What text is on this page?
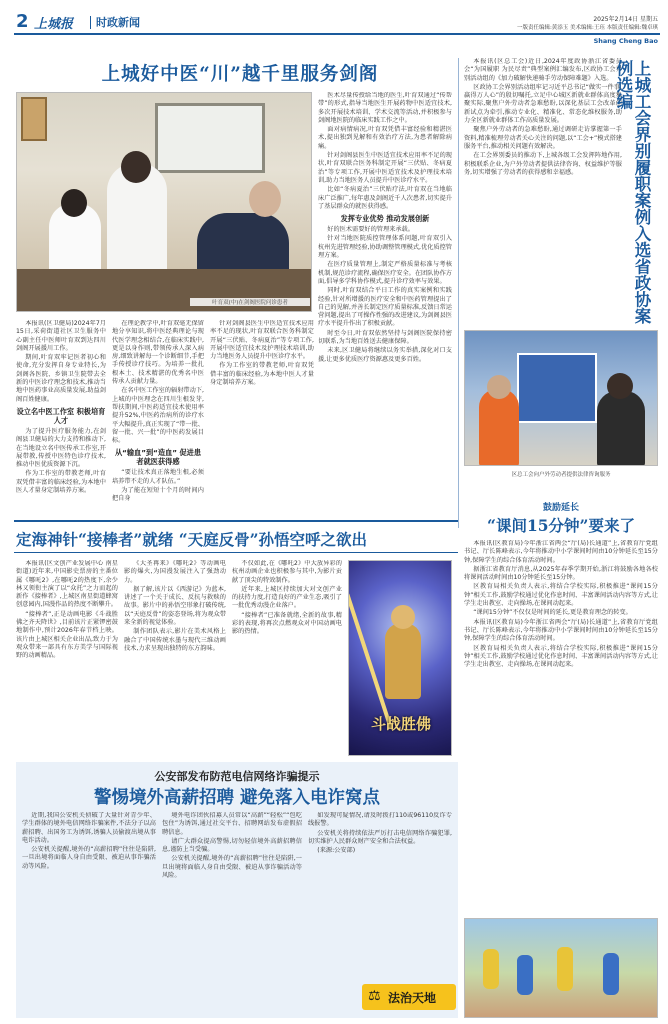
2 上城报 时政新闻	2025年2月14日 星期五
一版责任编辑:黄添玉 美术编辑:王珏 本版责任编辑:魏卓琪
Shang Cheng Bao
上城好中医“川”越千里服务剑阁
叶育双(中)在剑阁医院问诊患者

本报讯(区卫健局)2024年7月15日,采荷街道社区卫生服务中心副主任中医师叶育双到达四川剑阁开展援川工作。

期间,叶育双牢记医者初心和使命,充分发挥自身专业特长,为剑阁各医院、乡镇卫生院带去全新的中医诊疗理念和技术,推动当地中医药事业高质量发展,助益剑阁百姓健康。

设立名中医工作室 积极培育人才

为了提升医疗服务能力,在剑阁县卫健局的大力支持和推动下,在当地设立名中医传承工作室,开展带教,传授中医特色诊疗技术,推动中医优质资源下沉。

作为工作室的带教老师,叶育双凭借丰富的临床经验,为本地中医人才量身定制培养方案。

在理论教学中,叶育双毫无保留地分享知识,将中医经典理论与现代医学理念相结合,在临床实践中,更是以身作则,带领传承人深入病房,细致讲解每一个诊断细节,手把手传授诊疗技巧。为培养一批扎根本土、技术精湛的优秀名中医传承人贡献力量。

在名中医工作室的辐射带动下,上城的中医理念在四川生根发芽,帮扶期间,中医药适宜技术使用率提升52%,中医药治病所的诊疗水平大幅提升,真正实现了“带一批、留一批、兴一批”的中医药发展目标。

从“输血”到“造血” 促进患者就医获得感

“要让技术真正落地生根,必须培养带不走的人才队伍。”

为了能在短短十个月的时间内把自身

医术尽量传授给当地的医生,叶育双通过“传帮带”的形式,指导当地医生开展药物中医适宜技术,多次开展技术培训、学术交流等活动,并积极参与剑阁地医院的临床实践工作之中。

面对病情病况,叶育双凭借丰富经验和精湛医术,提出独到见解和有效治疗方法,为患者解除病痛。

针对剑阁县医生中医适宜技术应用率不足的现状,叶育双联合医务科制定开展“三伏贴、冬病夏治”等专项工作,开展中医适宜技术及护理技术培训,助力当地医务人员提升中医诊疗水平。

比如“冬病夏治”三伏贴疗法,叶育双在当地临床广泛推广,每年惠及剑阁近千人次患者,切实提升了基层群众的就医获得感。

发挥专业优势 推动发展创新

好的医术需要好的管理来承载。

针对当地医院质控管理体系问题,叶育双引入杭州先进管理经验,协助调整管理模式,优化质控管理方案。

在医疗质量管理上,制定严格质量标准与考核机制,规范诊疗流程,确保医疗安全。在团队协作方面,倡导多学科协作模式,提升诊疗效率与效果。

同时,叶育双结合平日工作的真实案例和实践经验,针对所增援的医疗安全和中医药管理提出了自己的见解,并善长制定医疗质量标准,反馈日常运营问题,提出了可操作性强的改进建议,为剑阁县医疗水平提升作出了积极贡献。

时至今日,叶育双依然坚持与剑阁医院保持密切联系,为当地百姓送去健康保障。

未来,区卫健局将继续以务实举措,深化对口支援,让更多优质医疗资源惠及更多百姓。

针对剑阁县医生中医适宜技术应用率不足的现状,叶育双联合医务科制定开展“三伏贴、冬病夏治”等专项工作,开展中医适宜技术及护理技术培训,助力当地医务人员提升中医诊疗水平。

作为工作室的带教老师,叶育双凭借丰富的临床经验,为本地中医人才量身定制培养方案。

本报讯(区总工会)近日,2024年度政协浙江省委员会“为国履职 为民尽责”典型案例汇编发布,区政协工会界别活动组的《加力破解快递骑手劳动保障难题》入选。

区政协工会界别活动组牢记习近平总书记“做实一件事,赢得万人心”的殷切嘱托,立足中心城区新就业群体高度集聚实际,聚焦户外劳动者急难愁盼,以深化基层工会改革创新试点为牵引,推动专业化、精准化、常态化维权服务,助力全区新就业群体工作高质量发展。

聚焦户外劳动者的急难愁盼,通过调研走访掌握第一手资料,精准梳理劳动者关心关注的问题,以“工会+”模式搭建服务平台,推动相关问题有效解决。

在工会界别委员的推动下,上城各级工会发挥阵地作用,积极联系企业,为户外劳动者提供法律咨询、权益维护等服务,切实增强了劳动者的获得感和幸福感。	上城工会界别履职案例入选省政协案例选编
区总工会向户外劳动者提供法律咨询服务
定海神针“接棒者”就绪 “天庭反骨”孙悟空呼之欲出

本报讯(区文创产业发展中心 南星街道)近年来,中国影史票房的主番位属《哪吒2》,在哪吒2的热度下,余少林又领衔主演了以“众托”之力而起的新作《接棒者》,上城区南星街道蜂窝创意园内,国漫作品的热度不断攀升。

“接棒者”,正是动画电影《斗战胜佛之齐天降世》,目前该片正紧锣密鼓地制作中,预计2026年春节档上映。该片由上城区相关企业出品,致力于为观众带来一部具有东方美学与国际视野的动画精品。

《大圣再来》《哪吒2》等动画电影的爆火,为国漫发展注入了强劲动力。

据了解,该片以《西游记》为蓝本,讲述了一个关于成长、反抗与救赎的故事。影片中的孙悟空形象打破传统,以“天庭反骨”的姿态登场,将为观众带来全新的视觉体验。

制作团队表示,影片在美术风格上融合了中国传统水墨与现代三维动画技术,力求呈现出独特的东方韵味。

不仅如此,在《哪吒2》中大放异彩的杭州动画企业也积极参与其中,为影片贡献了顶尖的特效制作。

近年来,上城区持续加大对文创产业的扶持力度,打造良好的产业生态,吸引了一批优秀动漫企业落户。

“接棒者”已准备就绪,全新的故事,精彩的表现,将再次点燃观众对中国动画电影的热情。

斗战胜佛
鼓励延长
“课间15分钟”要来了

本报讯(区教育局)今年浙江省两会“厅(局)长通道”上,省教育厅党组书记、厅长陈峰表示,今年将推动中小学课间时间由10分钟延长至15分钟,保障学生的综合体育活动时间。

据浙江省教育厅消息,从2025年春季学期开始,浙江将鼓励各地各校将课间活动时间由10分钟延长至15分钟。

区教育局相关负责人表示,将结合学校实际,积极推进“课间15分钟”相关工作,鼓励学校通过优化作息时间、丰富课间活动内容等方式,让学生走出教室、走向操场,在课间动起来。

“课间15分钟”不仅仅是时间的延长,更是教育理念的转变。

本报讯(区教育局)今年浙江省两会“厅(局)长通道”上,省教育厅党组书记、厅长陈峰表示,今年将推动中小学课间时间由10分钟延长至15分钟,保障学生的综合体育活动时间。

区教育局相关负责人表示,将结合学校实际,积极推进“课间15分钟”相关工作,鼓励学校通过优化作息时间、丰富课间活动内容等方式,让学生走出教室、走向操场,在课间动起来。

公安部发布防范电信网络诈骗提示
警惕境外高薪招聘 避免落入电诈窝点

近期,我国公安机关侦破了大量针对青少年、学生群体的境外电信网络诈骗案件,不法分子以高薪招聘、出国务工为诱饵,诱骗人员偷渡出境从事电诈活动。

公安机关提醒,境外的“高薪招聘”往往是陷阱,一旦出境将面临人身自由受限、被迫从事诈骗活动等风险。

境外电诈团伙招募人员常以“高薪”“轻松”“包吃包住”为诱饵,通过社交平台、招聘网站发布虚假招聘信息。

请广大群众提高警惕,切勿轻信境外高薪招聘信息,谨防上当受骗。

公安机关提醒,境外的“高薪招聘”往往是陷阱,一旦出境将面临人身自由受限、被迫从事诈骗活动等风险。

如发现可疑情况,请及时拨打110或96110反诈专线报警。

公安机关将持续依法严厉打击电信网络诈骗犯罪,切实维护人民群众财产安全和合法权益。

(来源:公安部)

⚖ 法治天地
